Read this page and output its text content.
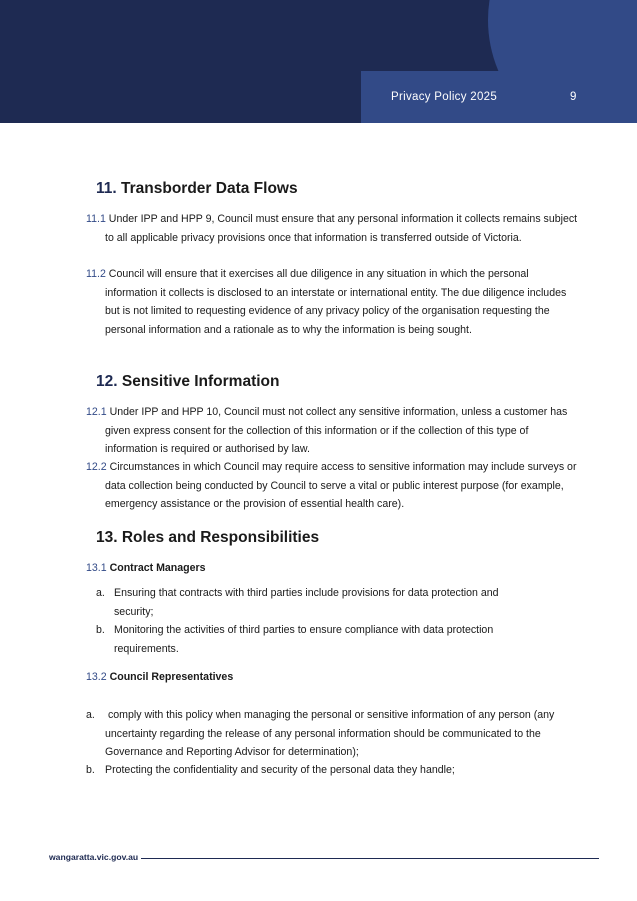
Privacy Policy 2025	9
11. Transborder Data Flows

11.1 Under IPP and HPP 9, Council must ensure that any personal information it collects remains subject to all applicable privacy provisions once that information is transferred outside of Victoria.

11.2 Council will ensure that it exercises all due diligence in any situation in which the personal information it collects is disclosed to an interstate or international entity. The due diligence includes but is not limited to requesting evidence of any privacy policy of the organisation requesting the personal information and a rationale as to why the information is being sought.

12. Sensitive Information

12.1 Under IPP and HPP 10, Council must not collect any sensitive information, unless a customer has given express consent for the collection of this information or if the collection of this type of information is required or authorised by law.

12.2 Circumstances in which Council may require access to sensitive information may include surveys or data collection being conducted by Council to serve a vital or public interest purpose (for example, emergency assistance or the provision of essential health care).

13. Roles and Responsibilities

13.1 Contract Managers

a. Ensuring that contracts with third parties include provisions for data protection and security;

b. Monitoring the activities of third parties to ensure compliance with data protection requirements.

13.2 Council Representatives

a. comply with this policy when managing the personal or sensitive information of any person (any uncertainty regarding the release of any personal information should be communicated to the Governance and Reporting Advisor for determination);

b. Protecting the confidentiality and security of the personal data they handle;

wangaratta.vic.gov.au
